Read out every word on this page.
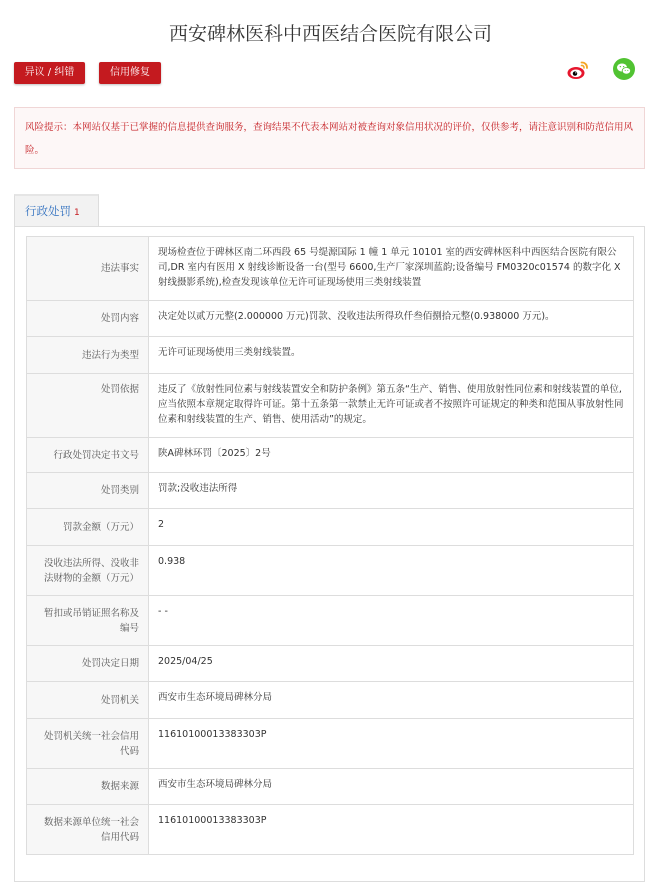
西安碑林医科中西医结合医院有限公司
异议 / 纠错	信用修复
风险提示：本网站仅基于已掌握的信息提供查询服务，查询结果不代表本网站对被查询对象信用状况的评价，仅供参考，请注意识别和防范信用风险。
行政处罚 1
违法事实	现场检查位于碑林区南二环西段 65 号缇源国际 1 幢 1 单元 10101 室的西安碑林医科中西医结合医院有限公司,DR 室内有医用 X 射线诊断设备一台(型号 6600,生产厂家深圳蓝韵;设备编号 FM0320c01574 的数字化 X 射线摄影系统),检查发现该单位无许可证现场使用三类射线装置
处罚内容	决定处以贰万元整(2.000000 万元)罚款、没收违法所得玖仟叁佰捌拾元整(0.938000 万元)。
违法行为类型	无许可证现场使用三类射线装置。
处罚依据	违反了《放射性同位素与射线装置安全和防护条例》第五条“生产、销售、使用放射性同位素和射线装置的单位,应当依照本章规定取得许可证。第十五条第一款禁止无许可证或者不按照许可证规定的种类和范围从事放射性同位素和射线装置的生产、销售、使用活动”的规定。
行政处罚决定书文号	陕A碑林环罚〔2025〕2号
处罚类别	罚款;没收违法所得
罚款金额（万元）	2
没收违法所得、没收非法财物的金额（万元）	0.938
暂扣或吊销证照名称及编号	- -
处罚决定日期	2025/04/25
处罚机关	西安市生态环境局碑林分局
处罚机关统一社会信用代码	11610100013383303P
数据来源	西安市生态环境局碑林分局
数据来源单位统一社会信用代码	11610100013383303P
